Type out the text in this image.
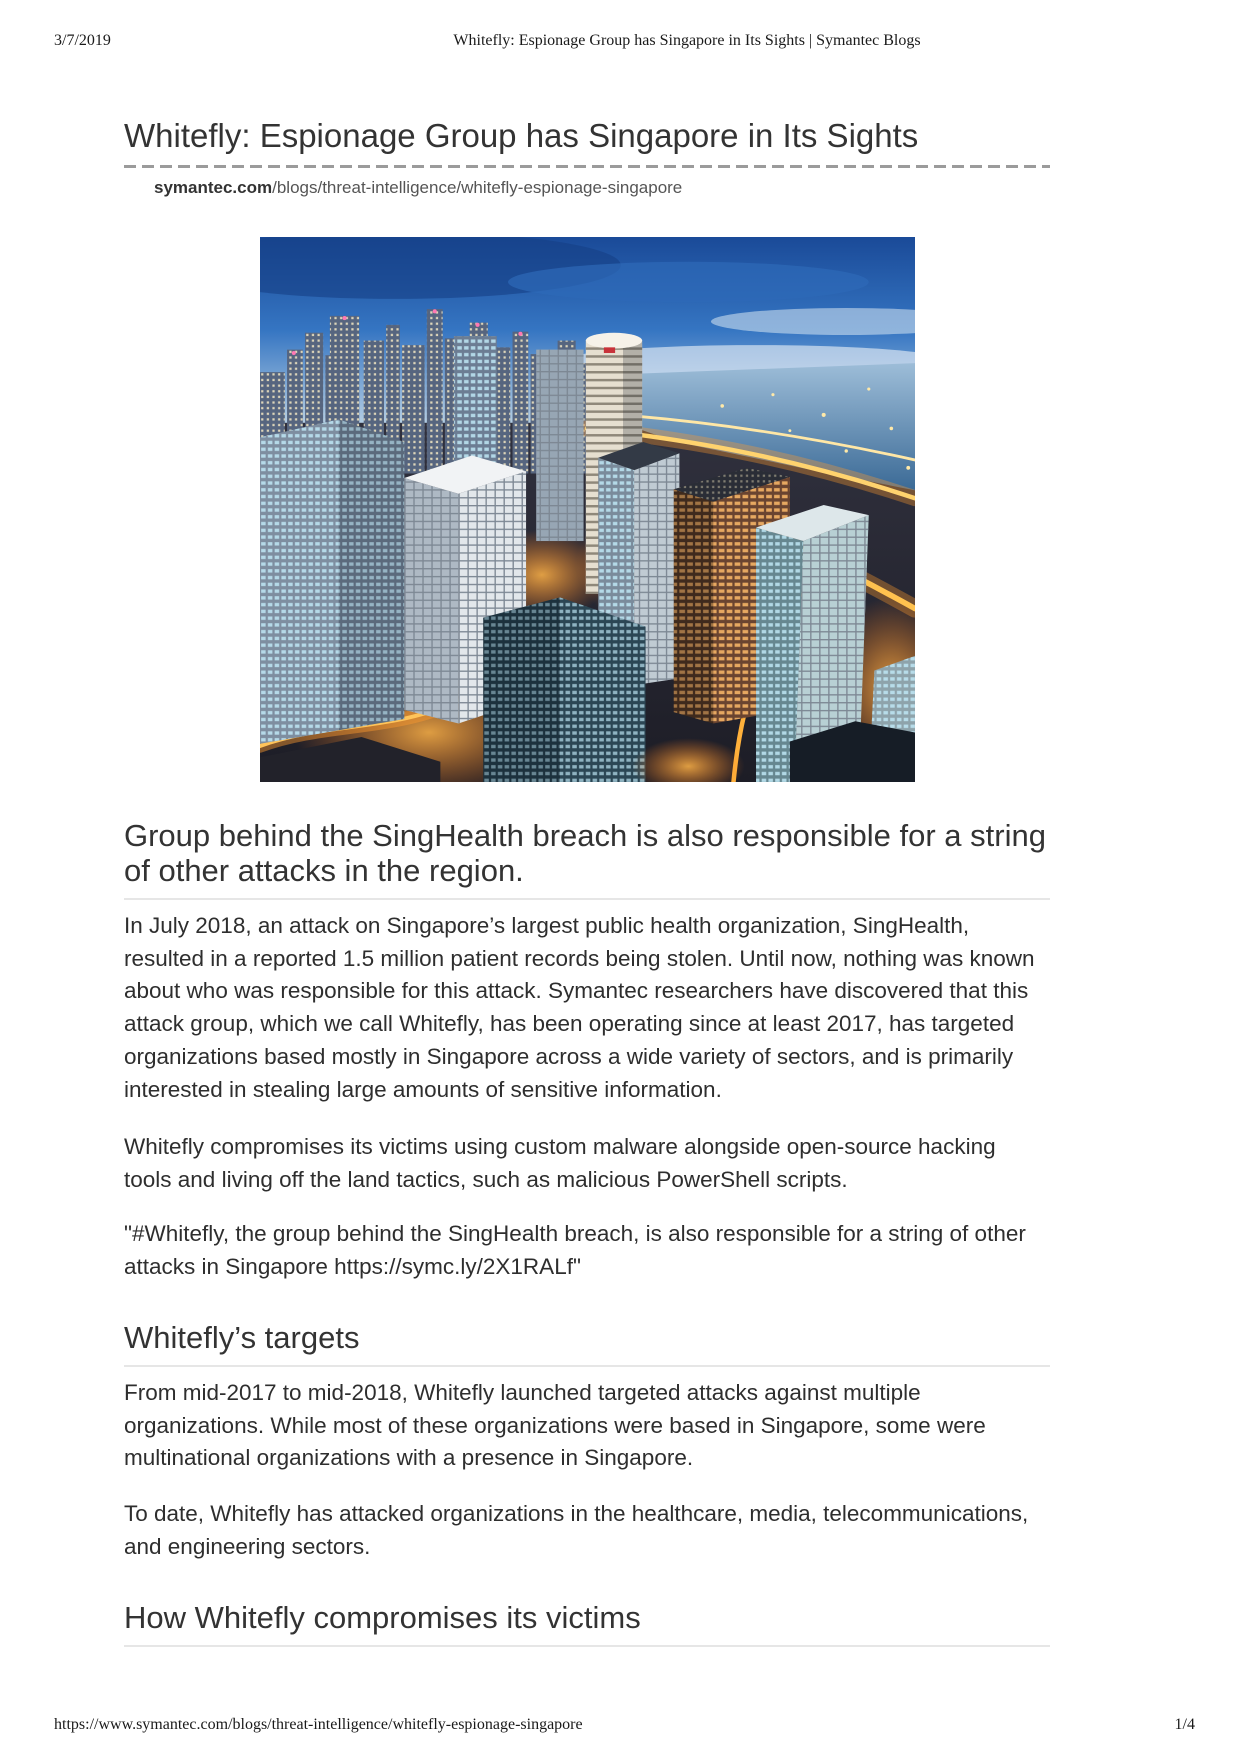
3/7/2019	Whitefly: Espionage Group has Singapore in Its Sights | Symantec Blogs
Whitefly: Espionage Group has Singapore in Its Sights
symantec.com/blogs/threat-intelligence/whitefly-espionage-singapore
Group behind the SingHealth breach is also responsible for a string
of other attacks in the region.

In July 2018, an attack on Singapore’s largest public health organization, SingHealth,
resulted in a reported 1.5 million patient records being stolen. Until now, nothing was known
about who was responsible for this attack. Symantec researchers have discovered that this
attack group, which we call Whitefly, has been operating since at least 2017, has targeted
organizations based mostly in Singapore across a wide variety of sectors, and is primarily
interested in stealing large amounts of sensitive information.

Whitefly compromises its victims using custom malware alongside open-source hacking
tools and living off the land tactics, such as malicious PowerShell scripts.

"#Whitefly, the group behind the SingHealth breach, is also responsible for a string of other
attacks in Singapore https://symc.ly/2X1RALf"

Whitefly’s targets

From mid-2017 to mid-2018, Whitefly launched targeted attacks against multiple
organizations. While most of these organizations were based in Singapore, some were
multinational organizations with a presence in Singapore.

To date, Whitefly has attacked organizations in the healthcare, media, telecommunications,
and engineering sectors.

How Whitefly compromises its victims
https://www.symantec.com/blogs/threat-intelligence/whitefly-espionage-singapore	1/4
